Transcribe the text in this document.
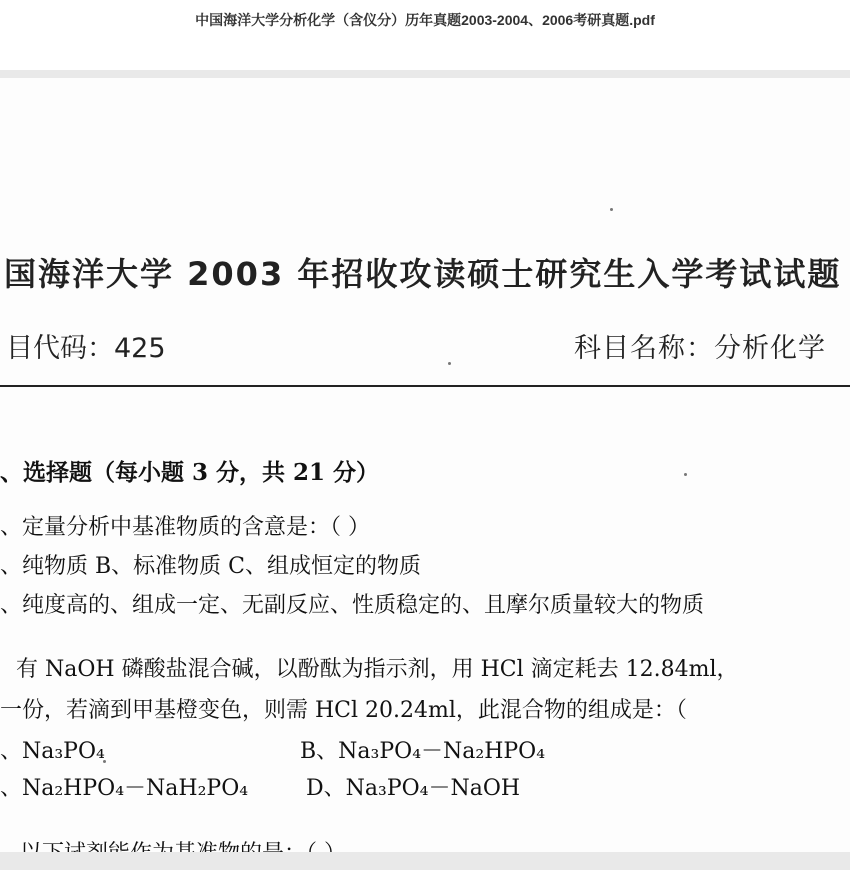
中国海洋大学分析化学（含仪分）历年真题2003-2004、2006考研真题.pdf
国海洋大学 2003 年招收攻读硕士研究生入学考试试题
目代码：425	科目名称：分析化学
、选择题（每小题 3 分，共 21 分）
、定量分析中基准物质的含意是：（ ）
、纯物质 B、标准物质 C、组成恒定的物质
、纯度高的、组成一定、无副反应、性质稳定的、且摩尔质量较大的物质
有 NaOH 磷酸盐混合碱，以酚酞为指示剂，用 HCl 滴定耗去 12.84ml，
一份，若滴到甲基橙变色，则需 HCl 20.24ml，此混合物的组成是：（
、Na₃PO₄	B、Na₃PO₄－Na₂HPO₄
、Na₂HPO₄－NaH₂PO₄	D、Na₃PO₄－NaOH
